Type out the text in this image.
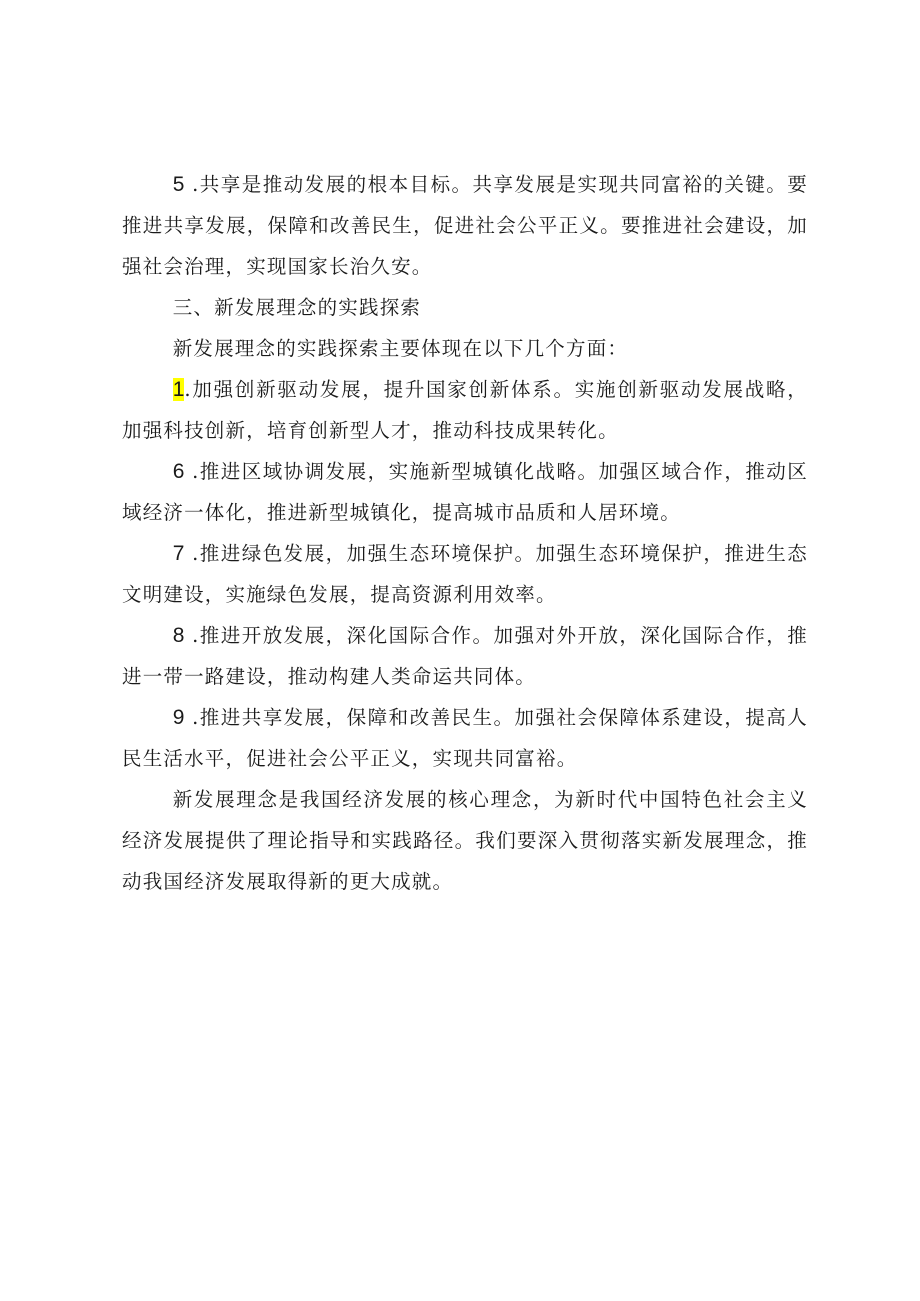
5 .共享是推动发展的根本目标。共享发展是实现共同富裕的关键。要推进共享发展，保障和改善民生，促进社会公平正义。要推进社会建设，加强社会治理，实现国家长治久安。

三、新发展理念的实践探索

新发展理念的实践探索主要体现在以下几个方面：

1.加强创新驱动发展，提升国家创新体系。实施创新驱动发展战略，加强科技创新，培育创新型人才，推动科技成果转化。

6 .推进区域协调发展，实施新型城镇化战略。加强区域合作，推动区域经济一体化，推进新型城镇化，提高城市品质和人居环境。

7 .推进绿色发展，加强生态环境保护。加强生态环境保护，推进生态文明建设，实施绿色发展，提高资源利用效率。

8 .推进开放发展，深化国际合作。加强对外开放，深化国际合作，推进一带一路建设，推动构建人类命运共同体。

9 .推进共享发展，保障和改善民生。加强社会保障体系建设，提高人民生活水平，促进社会公平正义，实现共同富裕。

新发展理念是我国经济发展的核心理念，为新时代中国特色社会主义经济发展提供了理论指导和实践路径。我们要深入贯彻落实新发展理念，推动我国经济发展取得新的更大成就。
